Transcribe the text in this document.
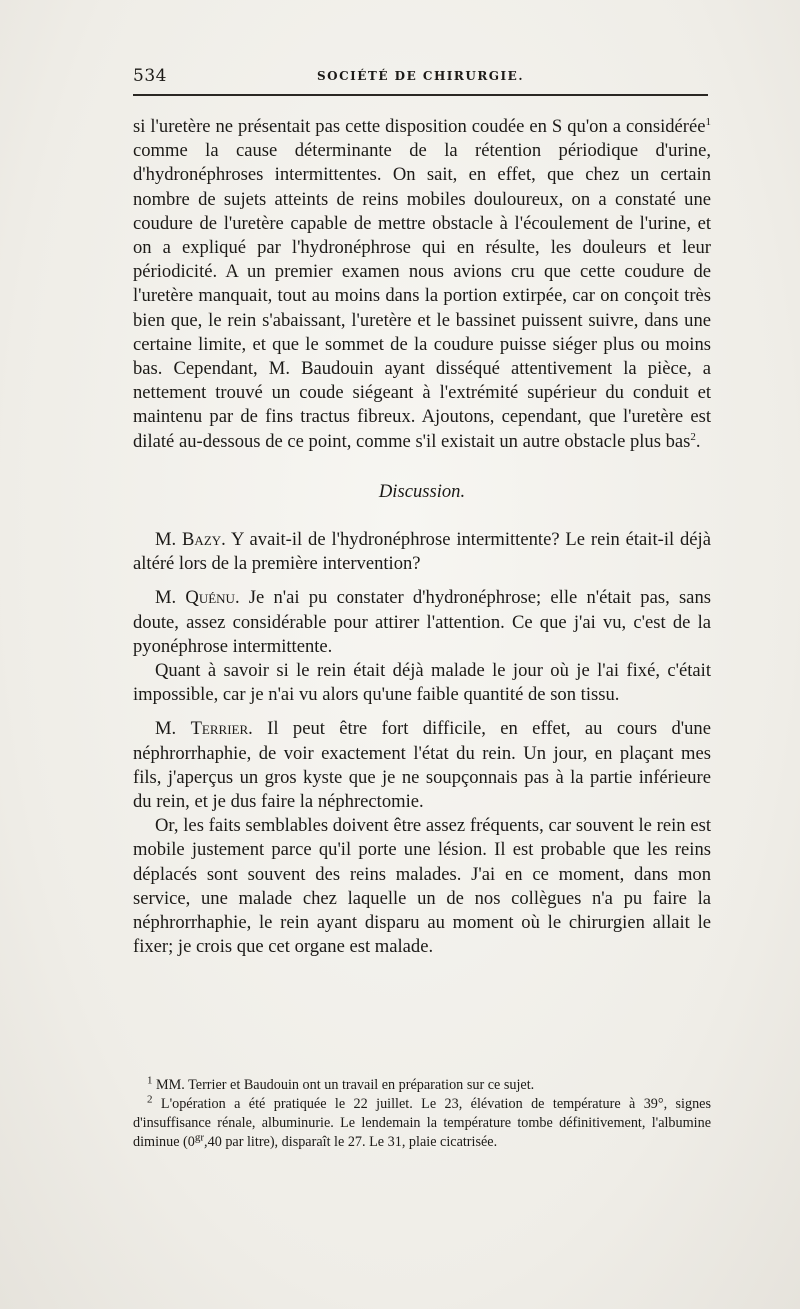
534	SOCIÉTÉ DE CHIRURGIE.

si l'uretère ne présentait pas cette disposition coudée en S qu'on a considérée$^1$ comme la cause déterminante de la rétention périodique d'urine, d'hydronéphroses intermittentes. On sait, en effet, que chez un certain nombre de sujets atteints de reins mobiles douloureux, on a constaté une coudure de l'uretère capable de mettre obstacle à l'écoulement de l'urine, et on a expliqué par l'hydronéphrose qui en résulte, les douleurs et leur périodicité. A un premier examen nous avions cru que cette coudure de l'uretère manquait, tout au moins dans la portion extirpée, car on conçoit très bien que, le rein s'abaissant, l'uretère et le bassinet puissent suivre, dans une certaine limite, et que le sommet de la coudure puisse siéger plus ou moins bas. Cependant, M. Baudouin ayant disséqué attentivement la pièce, a nettement trouvé un coude siégeant à l'extrémité supérieur du conduit et maintenu par de fins tractus fibreux. Ajoutons, cependant, que l'uretère est dilaté au-dessous de ce point, comme s'il existait un autre obstacle plus bas$^2$.

Discussion.

M. Bazy. Y avait-il de l'hydronéphrose intermittente? Le rein était-il déjà altéré lors de la première intervention?

M. Quénu. Je n'ai pu constater d'hydronéphrose; elle n'était pas, sans doute, assez considérable pour attirer l'attention. Ce que j'ai vu, c'est de la pyonéphrose intermittente.

Quant à savoir si le rein était déjà malade le jour où je l'ai fixé, c'était impossible, car je n'ai vu alors qu'une faible quantité de son tissu.

M. Terrier. Il peut être fort difficile, en effet, au cours d'une néphrorrhaphie, de voir exactement l'état du rein. Un jour, en plaçant mes fils, j'aperçus un gros kyste que je ne soupçonnais pas à la partie inférieure du rein, et je dus faire la néphrectomie.

Or, les faits semblables doivent être assez fréquents, car souvent le rein est mobile justement parce qu'il porte une lésion. Il est probable que les reins déplacés sont souvent des reins malades. J'ai en ce moment, dans mon service, une malade chez laquelle un de nos collègues n'a pu faire la néphrorrhaphie, le rein ayant disparu au moment où le chirurgien allait le fixer; je crois que cet organe est malade.

$^1$ MM. Terrier et Baudouin ont un travail en préparation sur ce sujet.

$^2$ L'opération a été pratiquée le 22 juillet. Le 23, élévation de température à 39°, signes d'insuffisance rénale, albuminurie. Le lendemain la température tombe définitivement, l'albumine diminue ($0^{gr},40$ par litre), disparaît le 27. Le 31, plaie cicatrisée.
